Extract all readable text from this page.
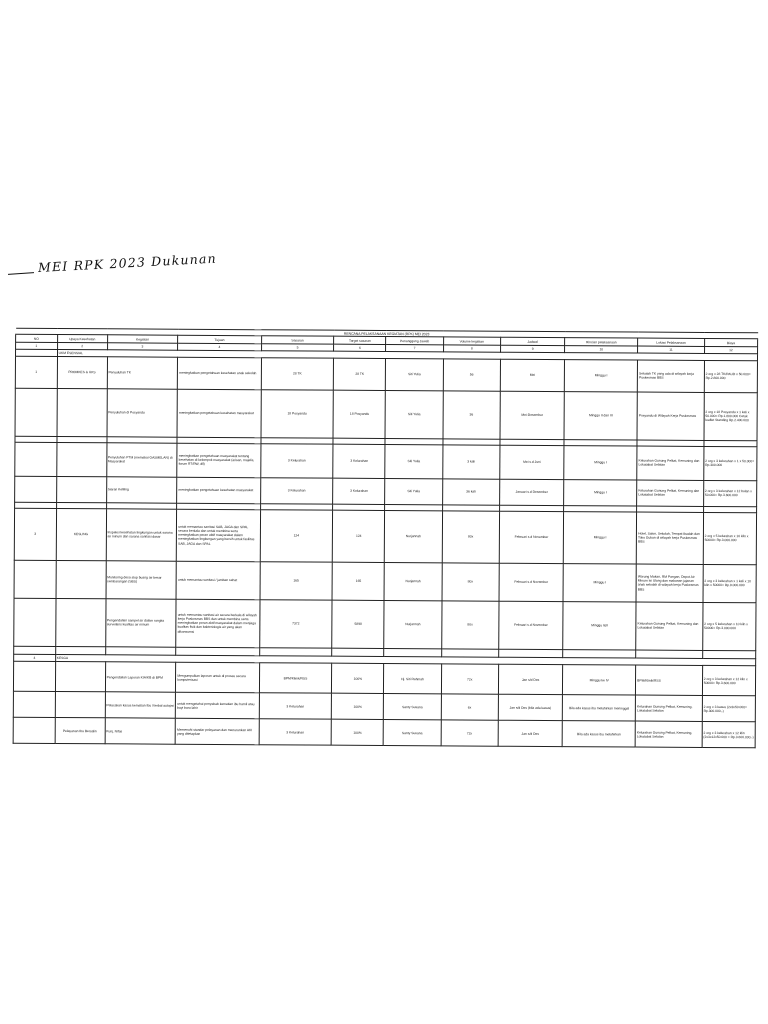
MEI RPK 2023 Dukunan
RENCANA PELAKSANAAN KEGIATAN (RPK) MEI 2023											
NO	Upaya Kesehatan	Kegiatan	Tujuan	Sasaran	Target sasaran	Penanggung Jawab	Volume kegiatan	Jadwal	Rincian pelaksanaan	Lokasi Pelaksanaan	Biaya
1	2	3	4	5	6	7	8	9	10	11	12
	UKM ESENSIAL										
1	PROMKES & UKS	Penyuluhan TK	meningkatkan pengetahuan kesehatan anak sekolah	28 TK	28 TK	Siti Yulia	56	Mei	Minggu I	Sekolah TK yang ada di wilayah kerja Puskesmas BBS	2 org x 28 TK/PAUD x 50.000= Rp.2.800.000
		Penyuluhan di Posyandu	meningkatkan pengetahuan kesehatan masyarakat	18 Posyandu	18 Posyandu	Siti Yulia	36	Mei-Desember	Minggu II dan III	Posyandu di Wilayah Kerja Puskesmas	2 org x 18 Posyandu x 1 kali x 50.000= Rp.1.800.000 Cetak leaflet Standing Rp.2.400.000

		Penyuluhan PTM (memakai GASMELAN) di Masyarakat	meningkatkan pengetahuan masyarakat tentang kesehatan di kelompok masyarakat (arisan, majelis, forum RT/RW, dll)	3 Kelurahan	3 Kelurahan	Siti Yulia	3 kali	Mei s.d Juni	Minggu I	Kelurahan Gunung Pelkat, Kemuning dan Lokatabat Selatan	2 org x 3 kelurahan x 1 x 50.000= Rp.300.000
		Siaran Keliling	meningkatkan pengetahuan kesehatan masyarakat	3 Kelurahan	3 Kelurahan	Siti Yulia	36 kali	Januari s.d Desember	Minggu I	Kelurahan Gunung Pelkat, Kemuning dan Lokatabat Selatan	2 org x 3 kelurahan x 12 bulan x 50.000= Rp.3.600.000

3	KESLING	Inspeksi kesehatan lingkungan untuk sarana air minum dan sarana sanitasi dasar	untuk memantau sanitasi SAB, JAGA dan SPAL secara berkala dan untuk membina serta meningkatkan peran aktif masyarakat dalam meningkatkan lingkungan yang bersih untuk fasilitas SAB, JAGA dan SPAL	124	124	Nurjannah	80x	Februari s.d November	Minggu I	Hotel, Salon, Sekolah, Tempat Ibadah dan Toko Gukan di wilayah kerja Puskesmas BBS	2 org x 5 kelurahan x 10 kiln x 50000= Rp.3.000.000
		Monitoring desa stop buang air besar sembarangan (SBS)	untuk memantau sanitasi / jamban sehat	165	165	Nurjannah	80x	Februari s.d November	Minggu I	Warung Makan, RM Pangan, Depot Air Minum Isi Ulang dan makanan jajanan anak sekolah di wilayah kerja Puskesmas BBS	2 org x 3 kelurahan x 1 kali x 10 klin x 50000= Rp.9.000.000
		Pengendalian sampel air dalam rangka surveilans kualitas air minum	untuk memantau sanitasi air secara berkala di wilayah kerja Puskesmas BBS dan untuk membina serta meningkatkan peran aktif masyarakat dalam menjaga kualitas fisik dan bakteriologis air yang akan dikonsumsi	7372	5898	Nurjannah	80x	Februari s.d November	Minggu I&II	Kelurahan Gunung Pelkat, Kemuning dan Lokatabat Selatan	2 org x 5 kelurahan x 10 kiln x 50000= Rp.3.000.000

4	KESGA										
		Pengendalian Laporan KIA/KB di BPM	Mengumpulkan laporan untuk di proses secara komputerisasi	BPM/Klinik/RSS	100%	Hj. Siti Rahmah	72x	Jan s/d Des	Minggu ke IV	BPM/Klinik/RSS	2 org x 3 kelurahan x 12 klin x 50000= Rp.3.600.000
		Pelacakan kasus kematian Ibu /Verbal autopsi	untuk mengetahui penyebab kematian ibu hamil atau bayi baru lahir	3 Kelurahan	100%	Santy Susana	6x	Jan s/d Des (bila ada kasus)	Bila ada kasus ibu melahirkan meninggal	Kelurahan Gunung Pelkat, Kemuning, Lokatabat Selatan	2 org x 3 kasus (2x3x50.000= Rp.300.000,-)
	Pelayanan Ibu Bersalin	Kunj. Nifas	Memenuhi standar pelayanan dan menurunkan AKI yang ditetapkan	3 Kelurahan	100%	Santy Susana	72x	Jan s/d Des	Bila ada kasus ibu melahirkan	Kelurahan Gunung Pelkat, Kemuning, Lokatabat Selatan	2 org x 3 kelurahan x 12 klin (2x3x12x50.000 = Rp.3.600.000,-)
